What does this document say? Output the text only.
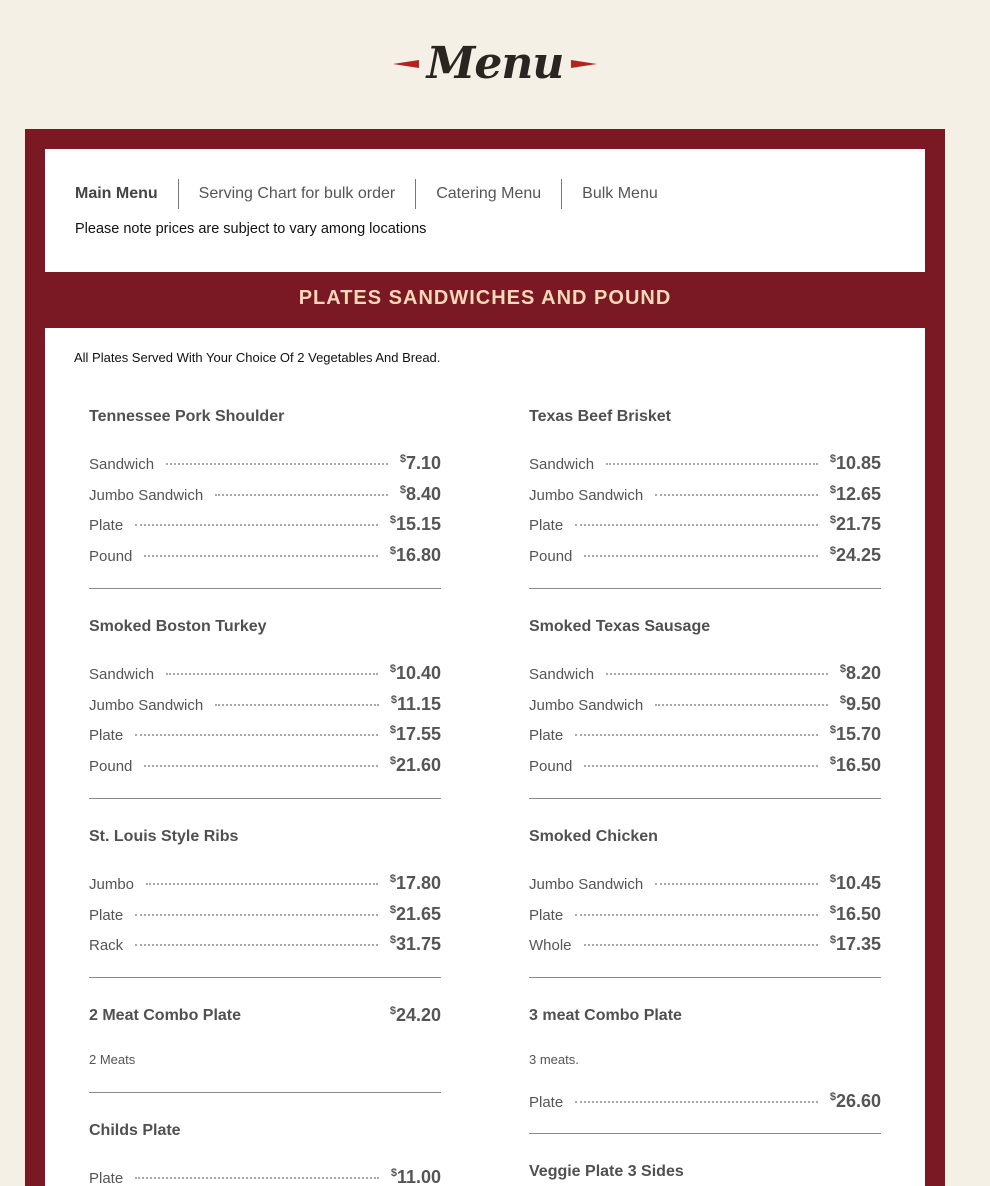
Menu
Main Menu	Serving Chart for bulk order	Catering Menu	Bulk Menu
Please note prices are subject to vary among locations
PLATES SANDWICHES AND POUND
All Plates Served With Your Choice Of 2 Vegetables And Bread.
Tennessee Pork Shoulder
Sandwich	$7.10
Jumbo Sandwich	$8.40
Plate	$15.15
Pound	$16.80
Smoked Boston Turkey
Sandwich	$10.40
Jumbo Sandwich	$11.15
Plate	$17.55
Pound	$21.60
St. Louis Style Ribs
Jumbo	$17.80
Plate	$21.65
Rack	$31.75
2 Meat Combo Plate	$24.20
2 Meats
Childs Plate
Plate	$11.00
Texas Beef Brisket
Sandwich	$10.85
Jumbo Sandwich	$12.65
Plate	$21.75
Pound	$24.25
Smoked Texas Sausage
Sandwich	$8.20
Jumbo Sandwich	$9.50
Plate	$15.70
Pound	$16.50
Smoked Chicken
Jumbo Sandwich	$10.45
Plate	$16.50
Whole	$17.35
3 meat Combo Plate
3 meats.
Plate	$26.60
Veggie Plate 3 Sides
